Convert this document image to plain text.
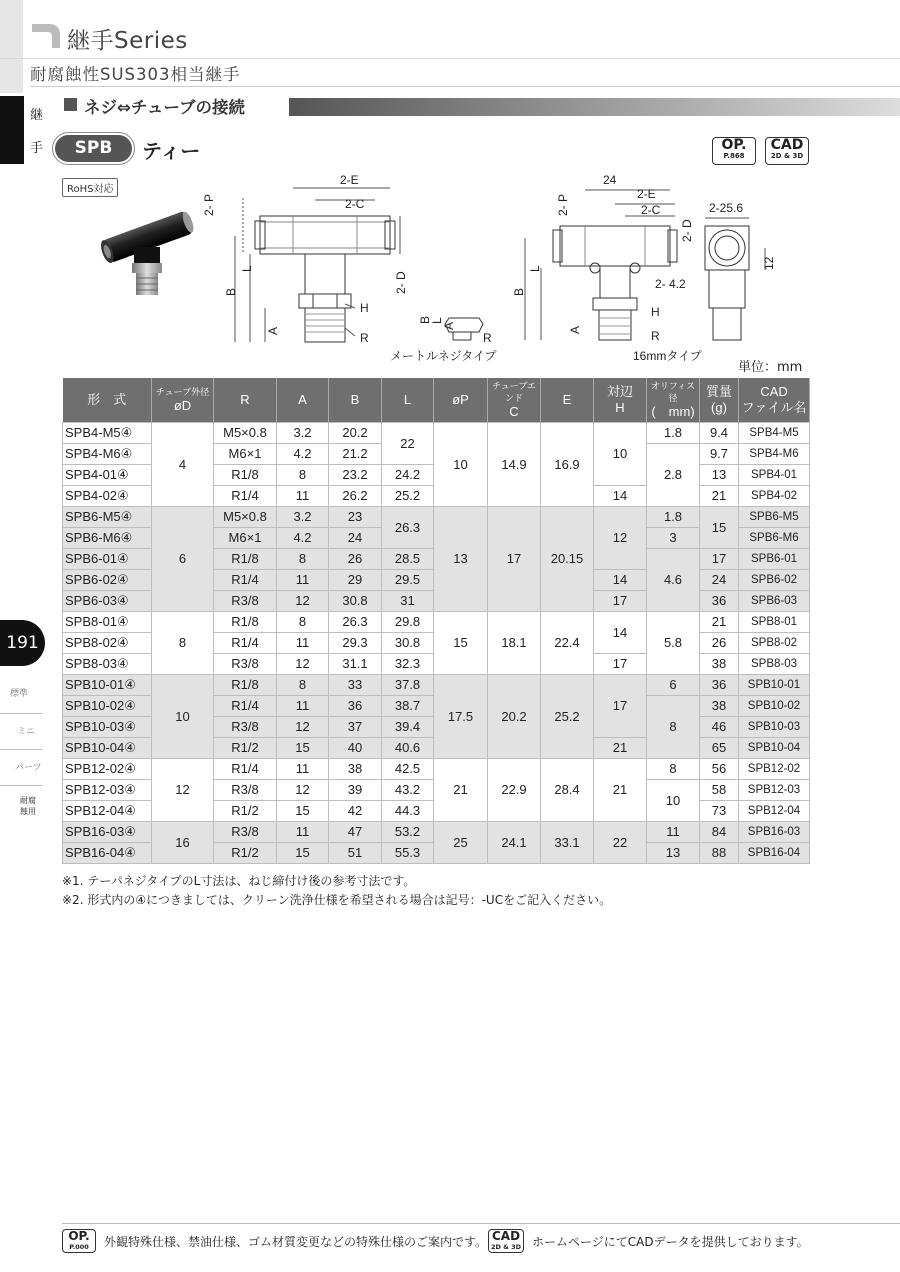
継手Series
耐腐蝕性SUS303相当継手
継
手
191
標準
ミニ
パーツ
耐腐蝕用
ネジ⇔チューブの接続
SPB	ティー	OP.
P.868
CAD
2D & 3D
RoHS対応
2-E
2-C
2- P
2- D
B
L
A
H
R
B
L
A
R
メートルネジタイプ
24
2-E
2-C
2- P
2- D
B
L
A
H
R
2- 4.2
2-25.6
12
16mmタイプ
単位：mm
形　式	チューブ外径
øD	R	A	B	L	øP	チューブエンド
C	E	対辺
H	オリフィス径
(　mm)	質量
(g)	CAD
ファイル名

SPB4-M5④	4	M5×0.8	3.2	20.2	22	10	14.9	16.9	10	1.8	9.4	SPB4-M5
SPB4-M6④		M6×1	4.2	21.2						2.8	9.7	SPB4-M6
SPB4-01④		R1/8	8	23.2	24.2						13	SPB4-01
SPB4-02④		R1/4	11	26.2	25.2				14		21	SPB4-02
SPB6-M5④	6	M5×0.8	3.2	23	26.3	13	17	20.15	12	1.8	15	SPB6-M5
SPB6-M6④		M6×1	4.2	24						3		SPB6-M6
SPB6-01④		R1/8	8	26	28.5					4.6	17	SPB6-01
SPB6-02④		R1/4	11	29	29.5				14		24	SPB6-02
SPB6-03④		R3/8	12	30.8	31				17		36	SPB6-03
SPB8-01④	8	R1/8	8	26.3	29.8	15	18.1	22.4	14	5.8	21	SPB8-01
SPB8-02④		R1/4	11	29.3	30.8						26	SPB8-02
SPB8-03④		R3/8	12	31.1	32.3				17		38	SPB8-03
SPB10-01④	10	R1/8	8	33	37.8	17.5	20.2	25.2	17	6	36	SPB10-01
SPB10-02④		R1/4	11	36	38.7					8	38	SPB10-02
SPB10-03④		R3/8	12	37	39.4						46	SPB10-03
SPB10-04④		R1/2	15	40	40.6				21		65	SPB10-04
SPB12-02④	12	R1/4	11	38	42.5	21	22.9	28.4	21	8	56	SPB12-02
SPB12-03④		R3/8	12	39	43.2					10	58	SPB12-03
SPB12-04④		R1/2	15	42	44.3						73	SPB12-04
SPB16-03④	16	R3/8	11	47	53.2	25	24.1	33.1	22	11	84	SPB16-03
SPB16-04④		R1/2	15	51	55.3					13	88	SPB16-04
※1. テーパネジタイプのL寸法は、ねじ締付け後の参考寸法です。
※2. 形式内の④につきましては、クリーン洗浄仕様を希望される場合は記号：-UCをご記入ください。
OP.
P.000	外観特殊仕様、禁油仕様、ゴム材質変更などの特殊仕様のご案内です。 CAD
2D & 3D ホームページにてCADデータを提供しております。
